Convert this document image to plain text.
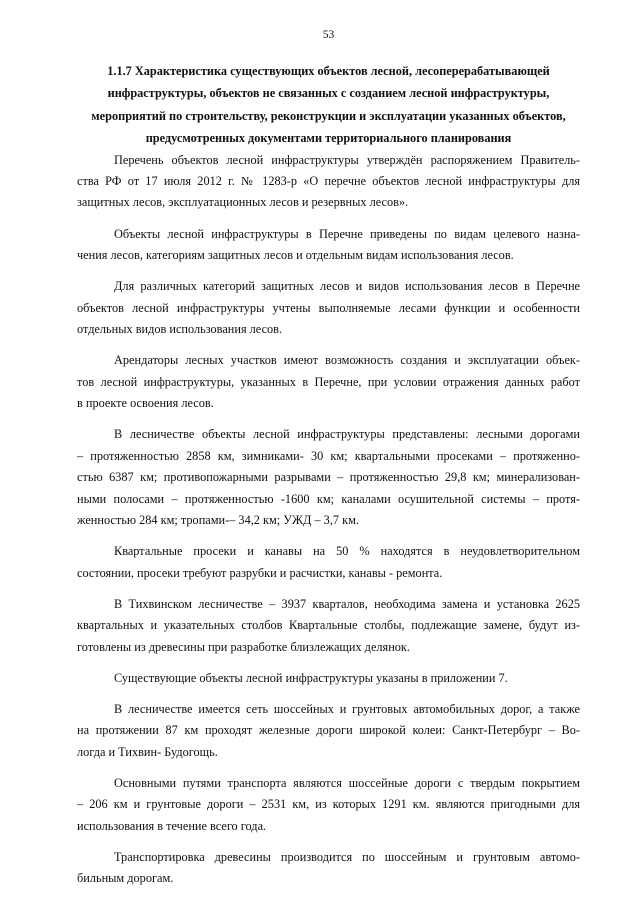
53
1.1.7 Характеристика существующих объектов лесной, лесоперерабатывающей
инфраструктуры, объектов не связанных с созданием лесной инфраструктуры,
мероприятий по строительству, реконструкции и эксплуатации указанных объектов,
предусмотренных документами территориального планирования

Перечень объектов лесной инфраструктуры утверждён распоряжением Правитель-
ства РФ от 17 июля 2012 г. № 1283-р «О перечне объектов лесной инфраструктуры для
защитных лесов, эксплуатационных лесов и резервных лесов».

Объекты лесной инфраструктуры в Перечне приведены по видам целевого назна-
чения лесов, категориям защитных лесов и отдельным видам использования лесов.

Для различных категорий защитных лесов и видов использования лесов в Перечне
объектов лесной инфраструктуры учтены выполняемые лесами функции и особенности
отдельных видов использования лесов.

Арендаторы лесных участков имеют возможность создания и эксплуатации объек-
тов лесной инфраструктуры, указанных в Перечне, при условии отражения данных работ
в проекте освоения лесов.

В лесничестве объекты лесной инфраструктуры представлены: лесными дорогами
– протяженностью 2858 км, зимниками- 30 км; квартальными просеками – протяженно-
стью 6387 км; противопожарными разрывами – протяженностью 29,8 км; минерализован-
ными полосами – протяженностью -1600 км; каналами осушительной системы – протя-
женностью 284 км; тропами-– 34,2 км; УЖД – 3,7 км.

Квартальные просеки и канавы на 50 % находятся в неудовлетворительном
состоянии, просеки требуют разрубки и расчистки, канавы - ремонта.

В Тихвинском лесничестве – 3937 кварталов, необходима замена и установка 2625
квартальных и указательных столбов Квартальные столбы, подлежащие замене, будут из-
готовлены из древесины при разработке близлежащих делянок.

Существующие объекты лесной инфраструктуры указаны в приложении 7.

В лесничестве имеется сеть шоссейных и грунтовых автомобильных дорог, а также
на протяжении 87 км проходят железные дороги широкой колеи: Санкт-Петербург – Во-
логда и Тихвин- Будогощь.

Основными путями транспорта являются шоссейные дороги с твердым покрытием
– 206 км и грунтовые дороги – 2531 км, из которых 1291 км. являются пригодными для
использования в течение всего года.

Транспортировка древесины производится по шоссейным и грунтовым автомо-
бильным дорогам.
